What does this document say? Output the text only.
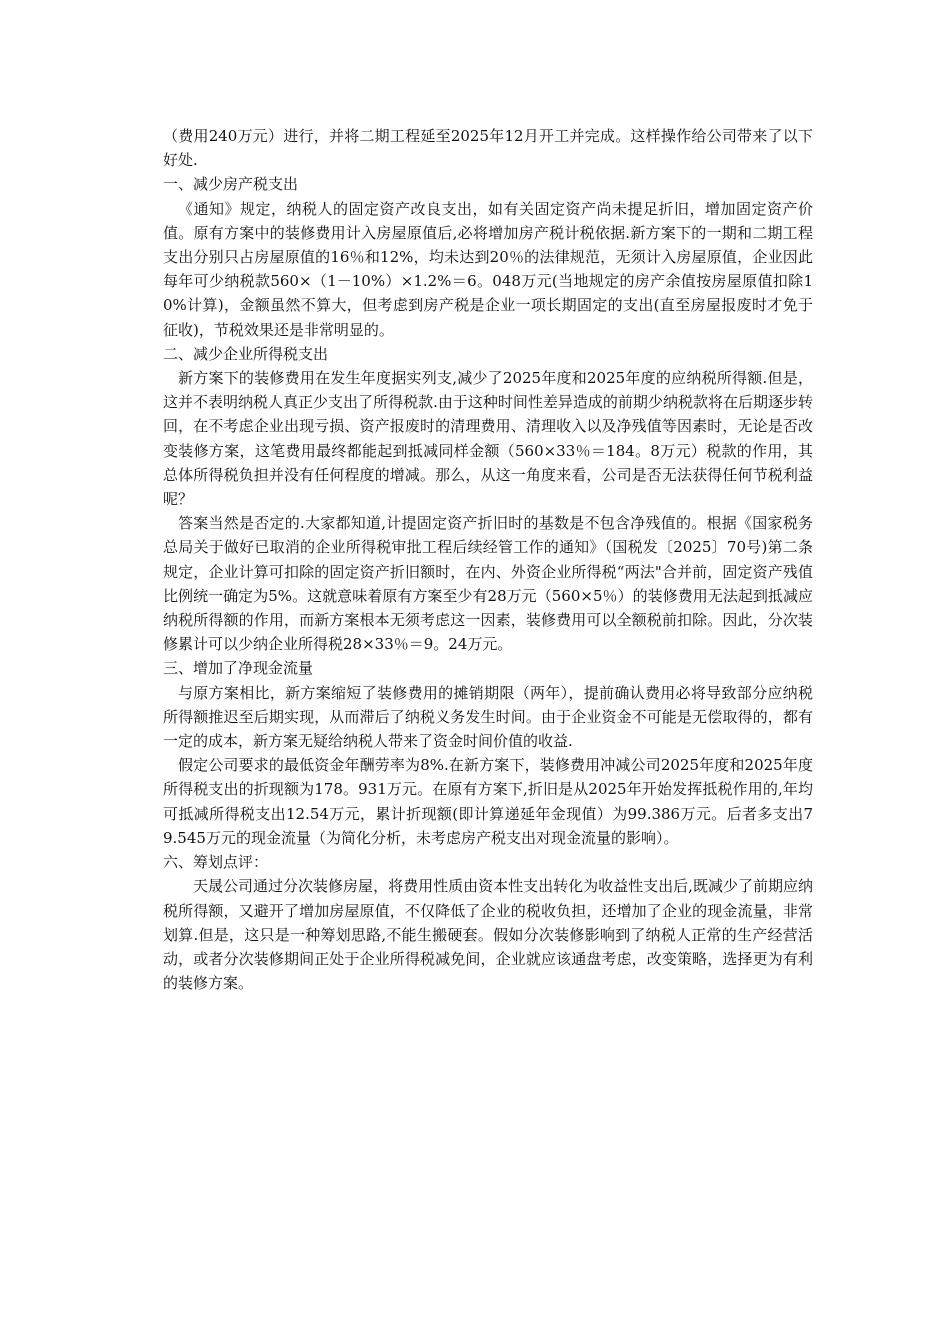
（费用240万元）进行，并将二期工程延至2025年12月开工并完成。这样操作给公司带来了以下好处.

一、减少房产税支出

《通知》规定，纳税人的固定资产改良支出，如有关固定资产尚未提足折旧，增加固定资产价值。原有方案中的装修费用计入房屋原值后,必将增加房产税计税依据.新方案下的一期和二期工程支出分别只占房屋原值的16％和12%，均未达到20％的法律规范，无须计入房屋原值，企业因此每年可少纳税款560×（1－10%）×1.2%＝6。048万元(当地规定的房产余值按房屋原值扣除10%计算)，金额虽然不算大，但考虑到房产税是企业一项长期固定的支出(直至房屋报废时才免于征收)，节税效果还是非常明显的。

二、减少企业所得税支出

新方案下的装修费用在发生年度据实列支,减少了2025年度和2025年度的应纳税所得额.但是，这并不表明纳税人真正少支出了所得税款.由于这种时间性差异造成的前期少纳税款将在后期逐步转回，在不考虑企业出现亏损、资产报废时的清理费用、清理收入以及净残值等因素时，无论是否改变装修方案，这笔费用最终都能起到抵减同样金额（560×33％＝184。8万元）税款的作用，其总体所得税负担并没有任何程度的增减。那么，从这一角度来看，公司是否无法获得任何节税利益呢？

答案当然是否定的.大家都知道,计提固定资产折旧时的基数是不包含净残值的。根据《国家税务总局关于做好已取消的企业所得税审批工程后续经管工作的通知》（国税发〔2025〕70号)第二条规定，企业计算可扣除的固定资产折旧额时，在内、外资企业所得税“两法"合并前，固定资产残值比例统一确定为5%。这就意味着原有方案至少有28万元（560×5％）的装修费用无法起到抵减应纳税所得额的作用，而新方案根本无须考虑这一因素，装修费用可以全额税前扣除。因此，分次装修累计可以少纳企业所得税28×33％＝9。24万元。

三、增加了净现金流量

与原方案相比，新方案缩短了装修费用的摊销期限（两年），提前确认费用必将导致部分应纳税所得额推迟至后期实现，从而滞后了纳税义务发生时间。由于企业资金不可能是无偿取得的，都有一定的成本，新方案无疑给纳税人带来了资金时间价值的收益.

假定公司要求的最低资金年酬劳率为8%.在新方案下，装修费用冲减公司2025年度和2025年度所得税支出的折现额为178。931万元。在原有方案下,折旧是从2025年开始发挥抵税作用的,年均可抵减所得税支出12.54万元，累计折现额(即计算递延年金现值）为99.386万元。后者多支出79.545万元的现金流量（为简化分析，未考虑房产税支出对现金流量的影响）。

六、筹划点评：

天晟公司通过分次装修房屋，将费用性质由资本性支出转化为收益性支出后,既减少了前期应纳税所得额，又避开了增加房屋原值，不仅降低了企业的税收负担，还增加了企业的现金流量，非常划算.但是，这只是一种筹划思路,不能生搬硬套。假如分次装修影响到了纳税人正常的生产经营活动，或者分次装修期间正处于企业所得税减免间，企业就应该通盘考虑，改变策略，选择更为有利的装修方案。
